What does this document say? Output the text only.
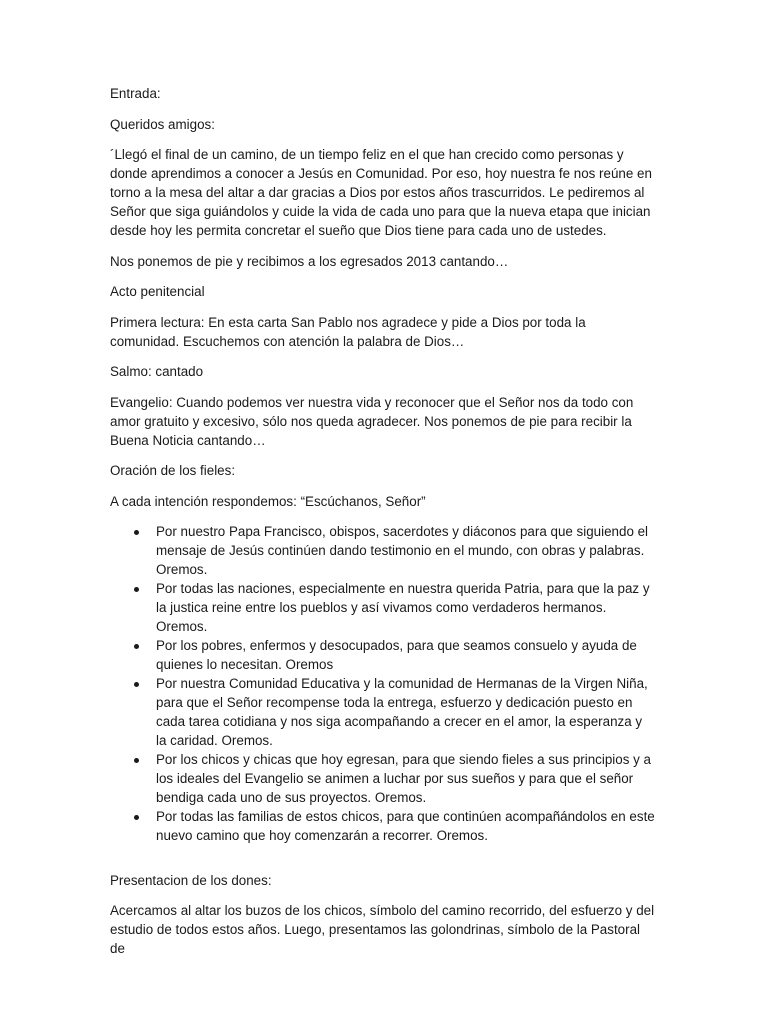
Entrada:

Queridos amigos:

´Llegó el final de un camino, de un tiempo feliz en el que han crecido como personas y donde aprendimos a conocer a Jesús en Comunidad. Por eso, hoy nuestra fe nos reúne en torno a la mesa del altar a dar gracias a Dios por estos años trascurridos. Le pediremos al Señor que siga guiándolos y cuide la vida de cada uno para que la nueva etapa que inician desde hoy les permita concretar el sueño que Dios tiene para cada uno de ustedes.

Nos ponemos de pie y recibimos a los egresados 2013 cantando…

Acto penitencial

Primera lectura: En esta carta San Pablo nos agradece y pide a Dios por toda la comunidad. Escuchemos con atención la palabra de Dios…

Salmo: cantado

Evangelio: Cuando podemos ver nuestra vida y reconocer que el Señor nos da todo con amor gratuito y excesivo, sólo nos queda agradecer. Nos ponemos de pie para recibir la Buena Noticia cantando…

Oración de los fieles:

A cada intención respondemos: “Escúchanos, Señor”

Por nuestro Papa Francisco, obispos, sacerdotes y diáconos para que siguiendo el mensaje de Jesús continúen dando testimonio en el mundo, con obras y palabras. Oremos.
Por todas las naciones, especialmente en nuestra querida Patria, para que la paz y la justica reine entre los pueblos y así vivamos como verdaderos hermanos. Oremos.
Por los pobres, enfermos y desocupados, para que seamos consuelo y ayuda de quienes lo necesitan. Oremos
Por nuestra Comunidad Educativa y la comunidad de Hermanas de la Virgen Niña, para que el Señor recompense toda la entrega, esfuerzo y dedicación puesto en cada tarea cotidiana y nos siga acompañando a crecer en el amor, la esperanza y la caridad. Oremos.
Por los chicos y chicas que hoy egresan, para que siendo fieles a sus principios y a los ideales del Evangelio se animen a luchar por sus sueños y para que el señor bendiga cada uno de sus proyectos. Oremos.
Por todas las familias de estos chicos, para que continúen acompañándolos en este nuevo camino que hoy comenzarán a recorrer. Oremos.

Presentacion de los dones:

Acercamos al altar los buzos de los chicos, símbolo del camino recorrido, del esfuerzo y del estudio de todos estos años. Luego, presentamos las golondrinas, símbolo de la Pastoral de
